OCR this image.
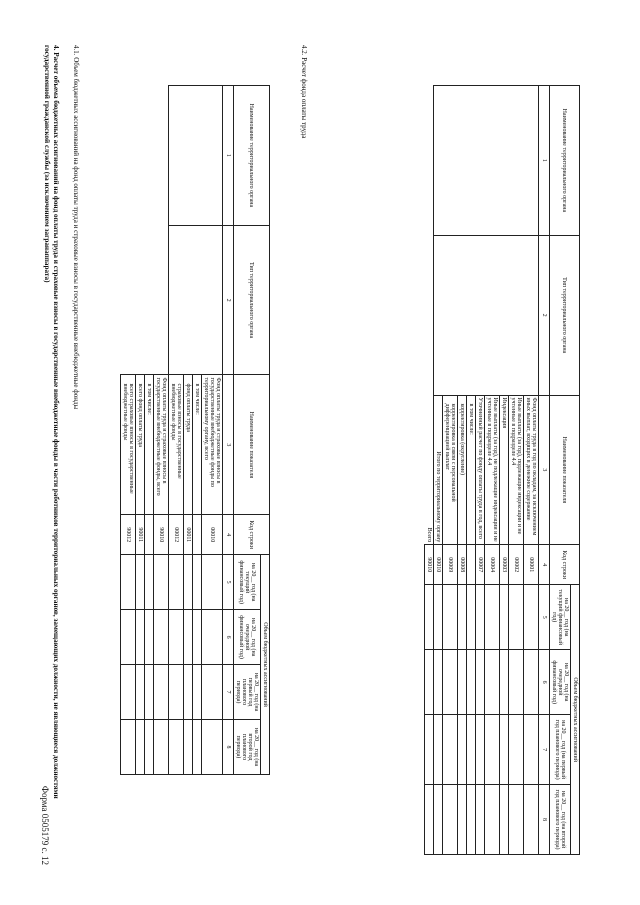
Форма 0505179 с. 12
4. Расчет объема бюджетных ассигнований на фонд оплаты труда и страховые взносы в государственные внебюджетные фонды в части работников территориальных органов, замещающих должности, не являющиеся должностями государственной гражданской службы (за исключением загранаппарата)	4.1. Объем бюджетных ассигнований на фонд оплаты труда и страховые взносы в государственные внебюджетные фонды	Наименование территориального органа	Тип территориального органа	Наименование показателя	Код строки	Объем бюджетных ассигнований			
				на 20__ год (на текущий финансовый год)	на 20__ год (на очередной финансовый год)	на 20__ год (на первый год планового периода)	на 20__ год (на второй год планового периода)
1	2	3	4	5	6	7	8
		Фонд оплаты труда и страховые взносы в государственные внебюджетные фонды по территориальному органу, всего	00010				
		в том числе:					
		фонд оплаты труда	00011				
		страховые взносы в государственные внебюджетные фонды	00012				
		Фонд оплаты труда и страховые взносы в государственные внебюджетные фонды, всего	90010				
		в том числе:					
		всего фонд оплаты труда	90011				
		всего страховые взносы в государственные внебюджетные фонды	90012				
4.2. Расчет фонда оплаты труда
Наименование территориального органа	Тип территориального органа	Наименование показателя	Код строки	Объем бюджетных ассигнований			
				на 20__ год (на текущий финансовый год)	на 20__ год (на очередной финансовый год)	на 20__ год (на первый год планового периода)	на 20__ год (на второй год планового периода)
1	2	3	4	5	6	7	8
		Фонд оплаты труда в год по окладам, за исключением иных выплат, входящих в денежное содержание	00001				
		Иные выплаты (за год), подлежащие индексации и не учтенные в подразделе 4.4	00002				
		Индексация	00003				
		Иные выплаты (за год), не подлежащие индексации и не учтенные в подразделе 4.4	00004				
		Уточненный расчет по фонду оплаты труда в год, всего	00007				
		в том числе:					
		корректировка (округление)	00008				
		корректировка в связи с персональной дифференциацией выплат	00009				
		Итого по территориальному органу	00010				
		Всего	90010				
